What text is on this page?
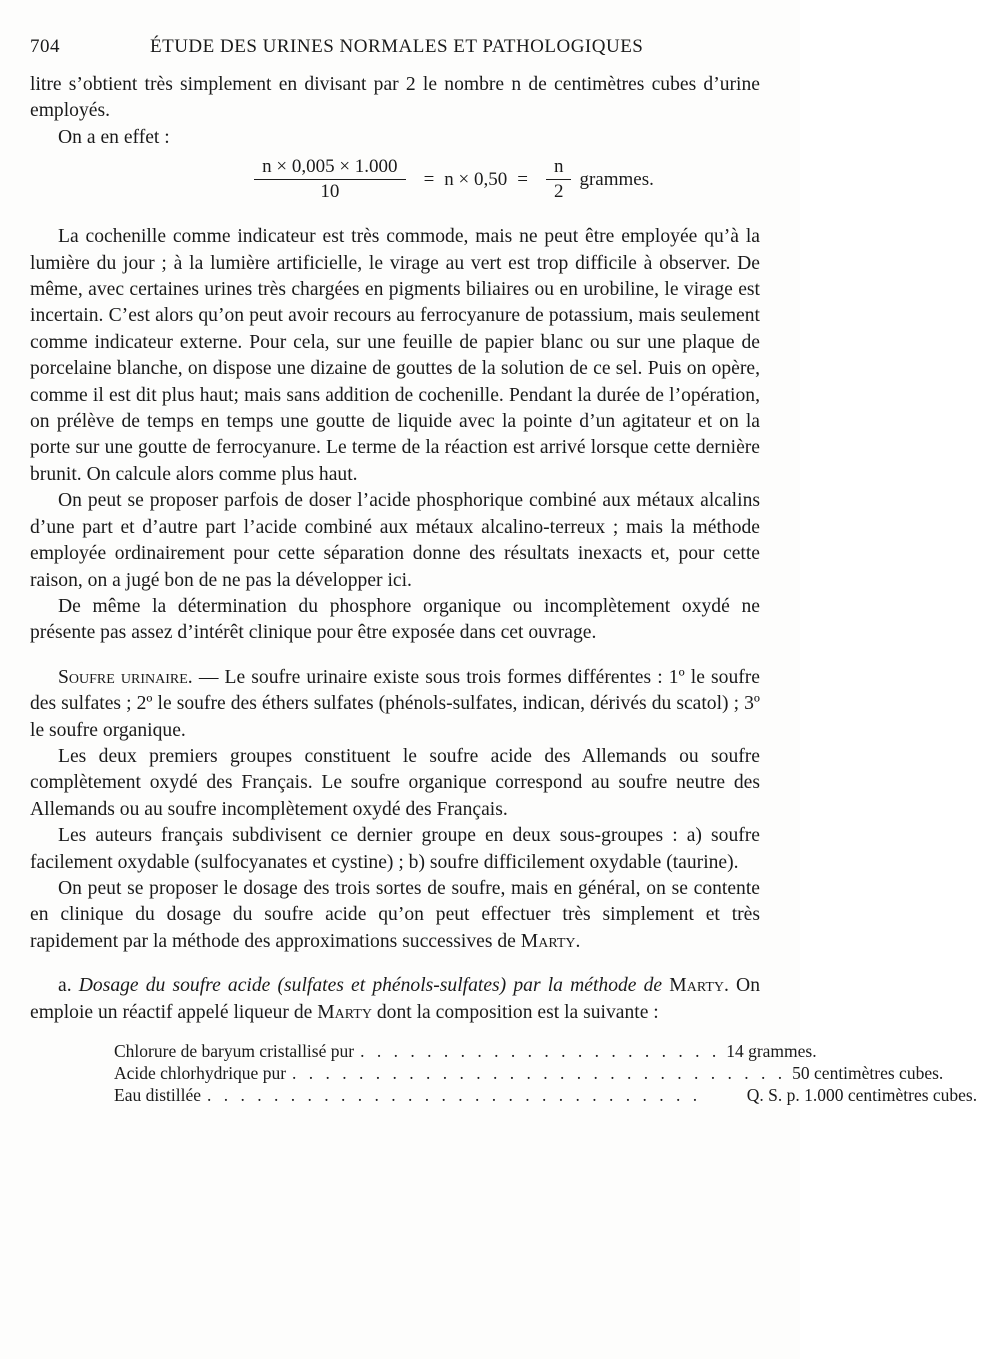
704	ÉTUDE DES URINES NORMALES ET PATHOLOGIQUES

litre s’obtient très simplement en divisant par 2 le nombre n de centimètres cubes d’urine employés.

On a en effet :

$\frac{n \times 0,005 \times 1.000}{10} = n \times 0,50 = \frac{n}{2}$ grammes.

La cochenille comme indicateur est très commode, mais ne peut être employée qu’à la lumière du jour ; à la lumière artificielle, le virage au vert est trop difficile à observer. De même, avec certaines urines très chargées en pigments biliaires ou en urobiline, le virage est incertain. C’est alors qu’on peut avoir recours au ferrocyanure de potassium, mais seulement comme indicateur externe. Pour cela, sur une feuille de papier blanc ou sur une plaque de porcelaine blanche, on dispose une dizaine de gouttes de la solution de ce sel. Puis on opère, comme il est dit plus haut; mais sans addition de cochenille. Pendant la durée de l’opération, on prélève de temps en temps une goutte de liquide avec la pointe d’un agitateur et on la porte sur une goutte de ferrocyanure. Le terme de la réaction est arrivé lorsque cette dernière brunit. On calcule alors comme plus haut.

On peut se proposer parfois de doser l’acide phosphorique combiné aux métaux alcalins d’une part et d’autre part l’acide combiné aux métaux alcalino-terreux ; mais la méthode employée ordinairement pour cette séparation donne des résultats inexacts et, pour cette raison, on a jugé bon de ne pas la développer ici.

De même la détermination du phosphore organique ou incomplètement oxydé ne présente pas assez d’intérêt clinique pour être exposée dans cet ouvrage.

Soufre urinaire. — Le soufre urinaire existe sous trois formes différentes : 1º le soufre des sulfates ; 2º le soufre des éthers sulfates (phénols-sulfates, indican, dérivés du scatol) ; 3º le soufre organique.

Les deux premiers groupes constituent le soufre acide des Allemands ou soufre complètement oxydé des Français. Le soufre organique correspond au soufre neutre des Allemands ou au soufre incomplètement oxydé des Français.

Les auteurs français subdivisent ce dernier groupe en deux sous-groupes : a) soufre facilement oxydable (sulfocyanates et cystine) ; b) soufre difficilement oxydable (taurine).

On peut se proposer le dosage des trois sortes de soufre, mais en général, on se contente en clinique du dosage du soufre acide qu’on peut effectuer très simplement et très rapidement par la méthode des approximations successives de Marty.

a. Dosage du soufre acide (sulfates et phénols-sulfates) par la méthode de Marty. On emploie un réactif appelé liqueur de Marty dont la composition est la suivante :

Chlorure de baryum cristallisé pur . . . . . . . . . . . . . . . . . . . . . . 14 grammes.
Acide chlorhydrique pur . . . . . . . . . . . . . . . . . . . . . . . . . . . . . . 50 centimètres cubes.
Eau distillée . . . . . . . . . . . . . . . . . . . . . . . . . . . . . .	Q. S. p. 1.000 centimètres cubes.
